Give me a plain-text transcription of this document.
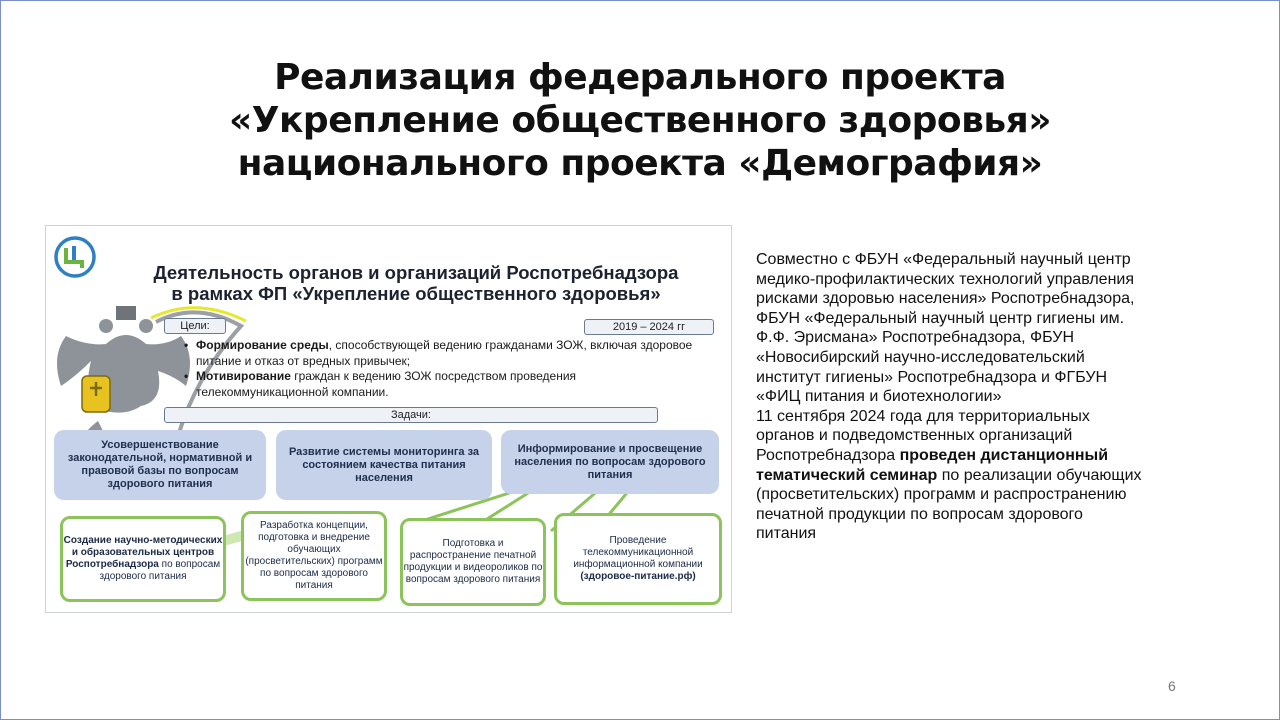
Реализация федерального проекта
«Укрепление общественного здоровья»
национального проекта «Демография»
Деятельность органов и организаций Роспотребнадзора
в рамках ФП «Укрепление общественного здоровья»
Цели:	2019 – 2024 гг
• Формирование среды, способствующей ведению гражданами ЗОЖ, включая здоровое питание и отказ от вредных привычек;
• Мотивирование граждан к ведению ЗОЖ посредством проведения телекоммуникационной компании.
Задачи:
Усовершенствование законодательной, нормативной и правовой базы по вопросам здорового питания
Развитие системы мониторинга за состоянием качества питания населения
Информирование и просвещение населения по вопросам здорового питания
Создание научно-методических и образовательных центров Роспотребнадзора по вопросам здорового питания
Разработка концепции, подготовка и внедрение обучающих (просветительских) программ по вопросам здорового питания
Подготовка и распространение печатной продукции и видеороликов по вопросам здорового питания
Проведение телекоммуникационной информационной компании (здоровое-питание.рф)
Совместно с ФБУН «Федеральный научный центр
медико-профилактических технологий управления
рисками здоровью населения» Роспотребнадзора,
ФБУН «Федеральный научный центр гигиены им.
Ф.Ф. Эрисмана» Роспотребнадзора, ФБУН
«Новосибирский научно-исследовательский
институт гигиены» Роспотребнадзора и ФГБУН
«ФИЦ питания и биотехнологии»
11 сентября 2024 года для территориальных
органов и подведомственных организаций
Роспотребнадзора проведен дистанционный
тематический семинар по реализации обучающих
(просветительских) программ и распространению
печатной продукции по вопросам здорового
питания
6
